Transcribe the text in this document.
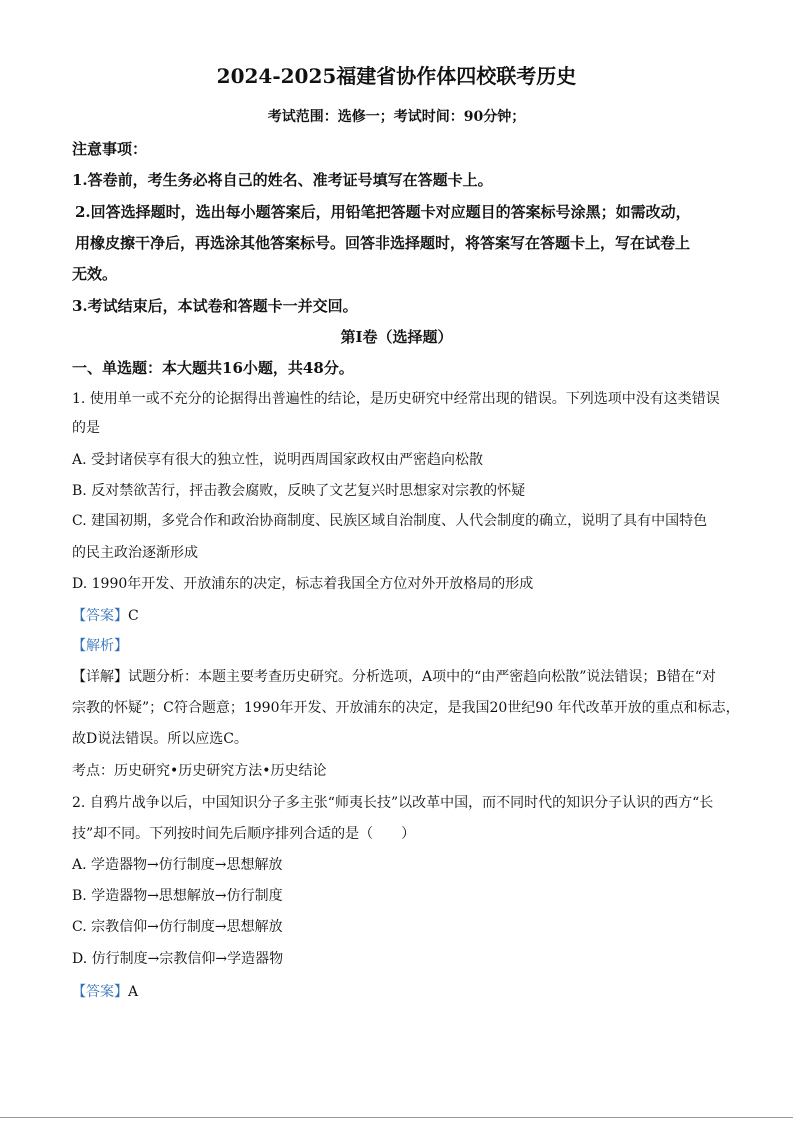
2024-2025福建省协作体四校联考历史
考试范围：选修一；考试时间：90分钟；
注意事项：
1.答卷前，考生务必将自己的姓名、准考证号填写在答题卡上。
2.回答选择题时，选出每小题答案后，用铅笔把答题卡对应题目的答案标号涂黑；如需改动，
用橡皮擦干净后，再选涂其他答案标号。回答非选择题时，将答案写在答题卡上，写在试卷上
无效。
3.考试结束后，本试卷和答题卡一并交回。
第Ⅰ卷（选择题）
一、单选题：本大题共16小题，共48分。
1. 使用单一或不充分的论据得出普遍性的结论，是历史研究中经常出现的错误。下列选项中没有这类错误
的是
A. 受封诸侯享有很大的独立性，说明西周国家政权由严密趋向松散
B. 反对禁欲苦行，抨击教会腐败，反映了文艺复兴时思想家对宗教的怀疑
C. 建国初期，多党合作和政治协商制度、民族区域自治制度、人代会制度的确立，说明了具有中国特色
的民主政治逐渐形成
D. 1990年开发、开放浦东的决定，标志着我国全方位对外开放格局的形成
【答案】C
【解析】
【详解】试题分析：本题主要考查历史研究。分析选项，A项中的“由严密趋向松散”说法错误；B错在“对
宗教的怀疑”；C符合题意；1990年开发、开放浦东的决定，是我国20世纪90 年代改革开放的重点和标志，
故D说法错误。所以应选C。
考点：历史研究•历史研究方法•历史结论
2. 自鸦片战争以后，中国知识分子多主张“师夷长技”以改革中国，而不同时代的知识分子认识的西方“长
技”却不同。下列按时间先后顺序排列合适的是（　　）
A. 学造器物→仿行制度→思想解放
B. 学造器物→思想解放→仿行制度
C. 宗教信仰→仿行制度→思想解放
D. 仿行制度→宗教信仰→学造器物
【答案】A
